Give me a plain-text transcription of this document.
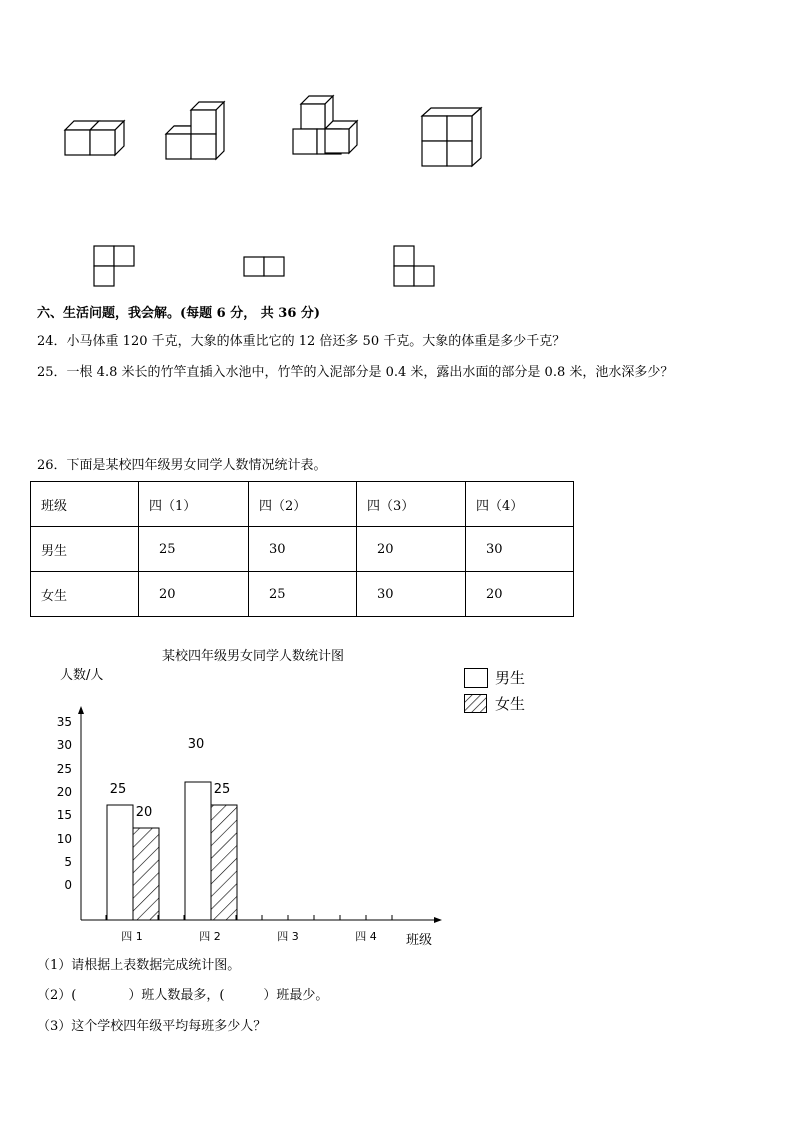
六、生活问题，我会解。(每题 6 分， 共 36 分)
24．小马体重 120 千克，大象的体重比它的 12 倍还多 50 千克。大象的体重是多少千克？
25．一根 4.8 米长的竹竿直插入水池中，竹竿的入泥部分是 0.4 米，露出水面的部分是 0.8 米，池水深多少？
26．下面是某校四年级男女同学人数情况统计表。
班级	四（1）	四（2）	四（3）	四（4）
男生	25	30	20	30
女生	20	25	30	20
某校四年级男女同学人数统计图
人数/人	男生
女生
35
30
25
20
15
10
5
0
四 1	四 2	四 3	四 4
25
30
20
25
班级
（1）请根据上表数据完成统计图。
（2）(　　　　）班人数最多，(　　　）班最少。
（3）这个学校四年级平均每班多少人？
